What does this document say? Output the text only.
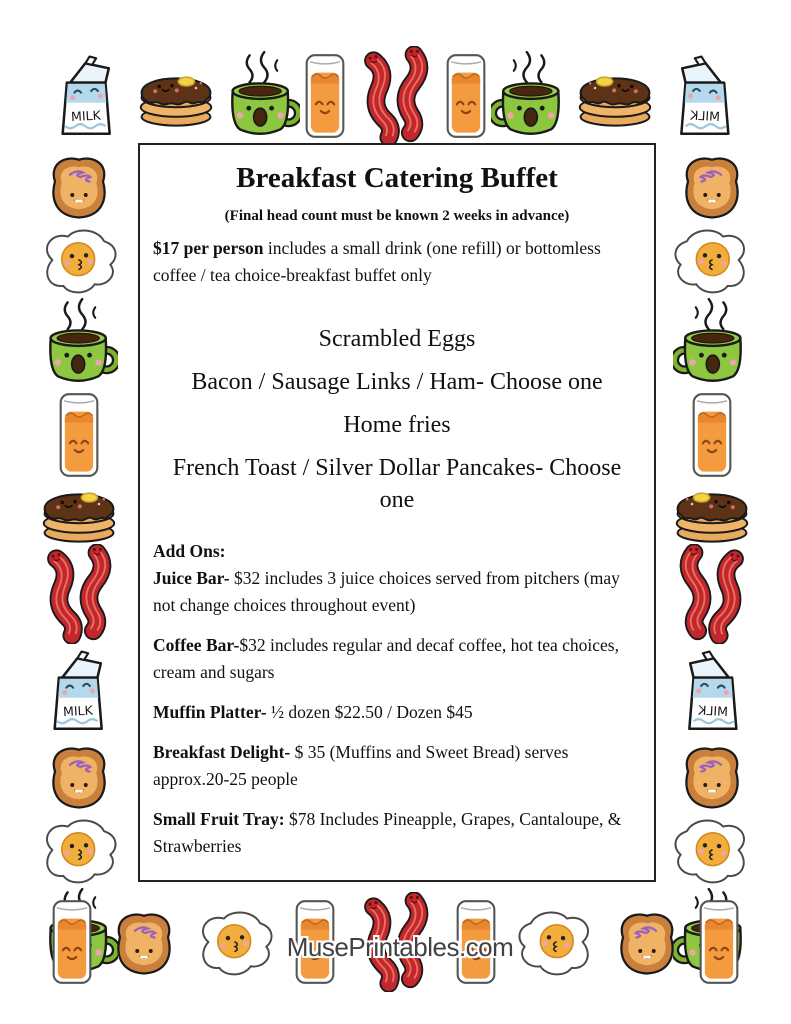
Breakfast Catering Buffet
(Final head count must be known 2 weeks in advance)

$17 per person includes a small drink (one refill) or bottomless coffee / tea choice-breakfast buffet only

Scrambled Eggs
Bacon / Sausage Links / Ham- Choose one
Home fries
French Toast / Silver Dollar Pancakes- Choose one

Add Ons:

Juice Bar- $32 includes 3 juice choices served from pitchers (may not change choices throughout event)

Coffee Bar-$32 includes regular and decaf coffee, hot tea choices, cream and sugars

Muffin Platter- ½ dozen $22.50 / Dozen $45

Breakfast Delight- $ 35 (Muffins and Sweet Bread) serves approx.20-25 people

Small Fruit Tray: $78 Includes Pineapple, Grapes, Cantaloupe, & Strawberries

MusePrintables.com
